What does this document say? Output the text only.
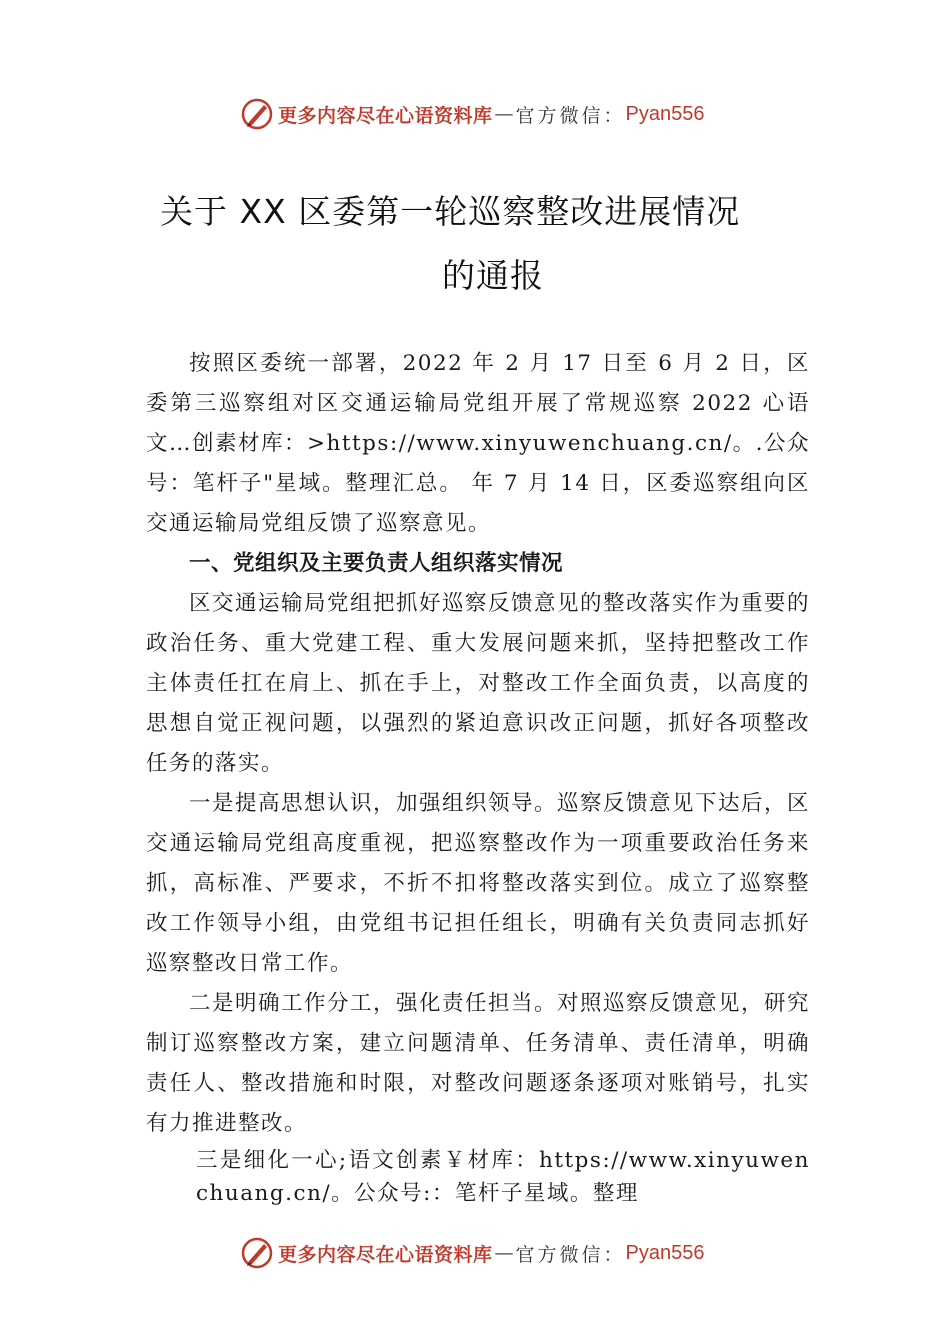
更多内容尽在心语资料库 — 官方微信： Pyan556
关于 XX 区委第一轮巡察整改进展情况
的通报

按照区委统一部署，2022 年 2 月 17 日至 6 月 2 日，区委第三巡察组对区交通运输局党组开展了常规巡察 2022 心语文…创素材库：>https://www.xinyuwenchuang.cn/。.公众号：笔杆子"星域。整理汇总。 年 7 月 14 日，区委巡察组向区交通运输局党组反馈了巡察意见。

一、党组织及主要负责人组织落实情况

区交通运输局党组把抓好巡察反馈意见的整改落实作为重要的政治任务、重大党建工程、重大发展问题来抓，坚持把整改工作主体责任扛在肩上、抓在手上，对整改工作全面负责，以高度的思想自觉正视问题，以强烈的紧迫意识改正问题，抓好各项整改任务的落实。

一是提高思想认识，加强组织领导。巡察反馈意见下达后，区交通运输局党组高度重视，把巡察整改作为一项重要政治任务来抓，高标准、严要求，不折不扣将整改落实到位。成立了巡察整改工作领导小组，由党组书记担任组长，明确有关负责同志抓好巡察整改日常工作。

二是明确工作分工，强化责任担当。对照巡察反馈意见，研究制订巡察整改方案，建立问题清单、任务清单、责任清单，明确责任人、整改措施和时限，对整改问题逐条逐项对账销号，扎实有力推进整改。

三是细化一心;语文创素￥材库：https://www.xinyuwenchuang.cn/。公众号:：笔杆子星域。整理

更多内容尽在心语资料库 — 官方微信： Pyan556
